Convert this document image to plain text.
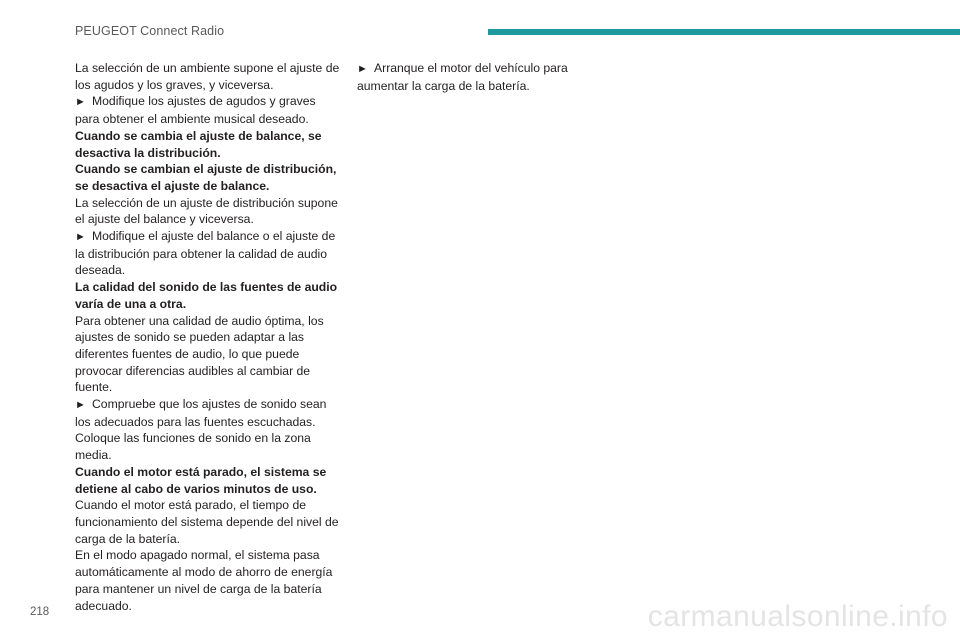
PEUGEOT Connect Radio

La selección de un ambiente supone el ajuste de los agudos y los graves, y viceversa.

► Modifique los ajustes de agudos y graves para obtener el ambiente musical deseado.

Cuando se cambia el ajuste de balance, se desactiva la distribución.

Cuando se cambian el ajuste de distribución, se desactiva el ajuste de balance.

La selección de un ajuste de distribución supone el ajuste del balance y viceversa.

► Modifique el ajuste del balance o el ajuste de la distribución para obtener la calidad de audio deseada.

La calidad del sonido de las fuentes de audio varía de una a otra.

Para obtener una calidad de audio óptima, los ajustes de sonido se pueden adaptar a las diferentes fuentes de audio, lo que puede provocar diferencias audibles al cambiar de fuente.

► Compruebe que los ajustes de sonido sean los adecuados para las fuentes escuchadas. Coloque las funciones de sonido en la zona media.

Cuando el motor está parado, el sistema se detiene al cabo de varios minutos de uso.

Cuando el motor está parado, el tiempo de funcionamiento del sistema depende del nivel de carga de la batería.

En el modo apagado normal, el sistema pasa automáticamente al modo de ahorro de energía para mantener un nivel de carga de la batería adecuado.

► Arranque el motor del vehículo para aumentar la carga de la batería.

218	carmanualsonline.info
